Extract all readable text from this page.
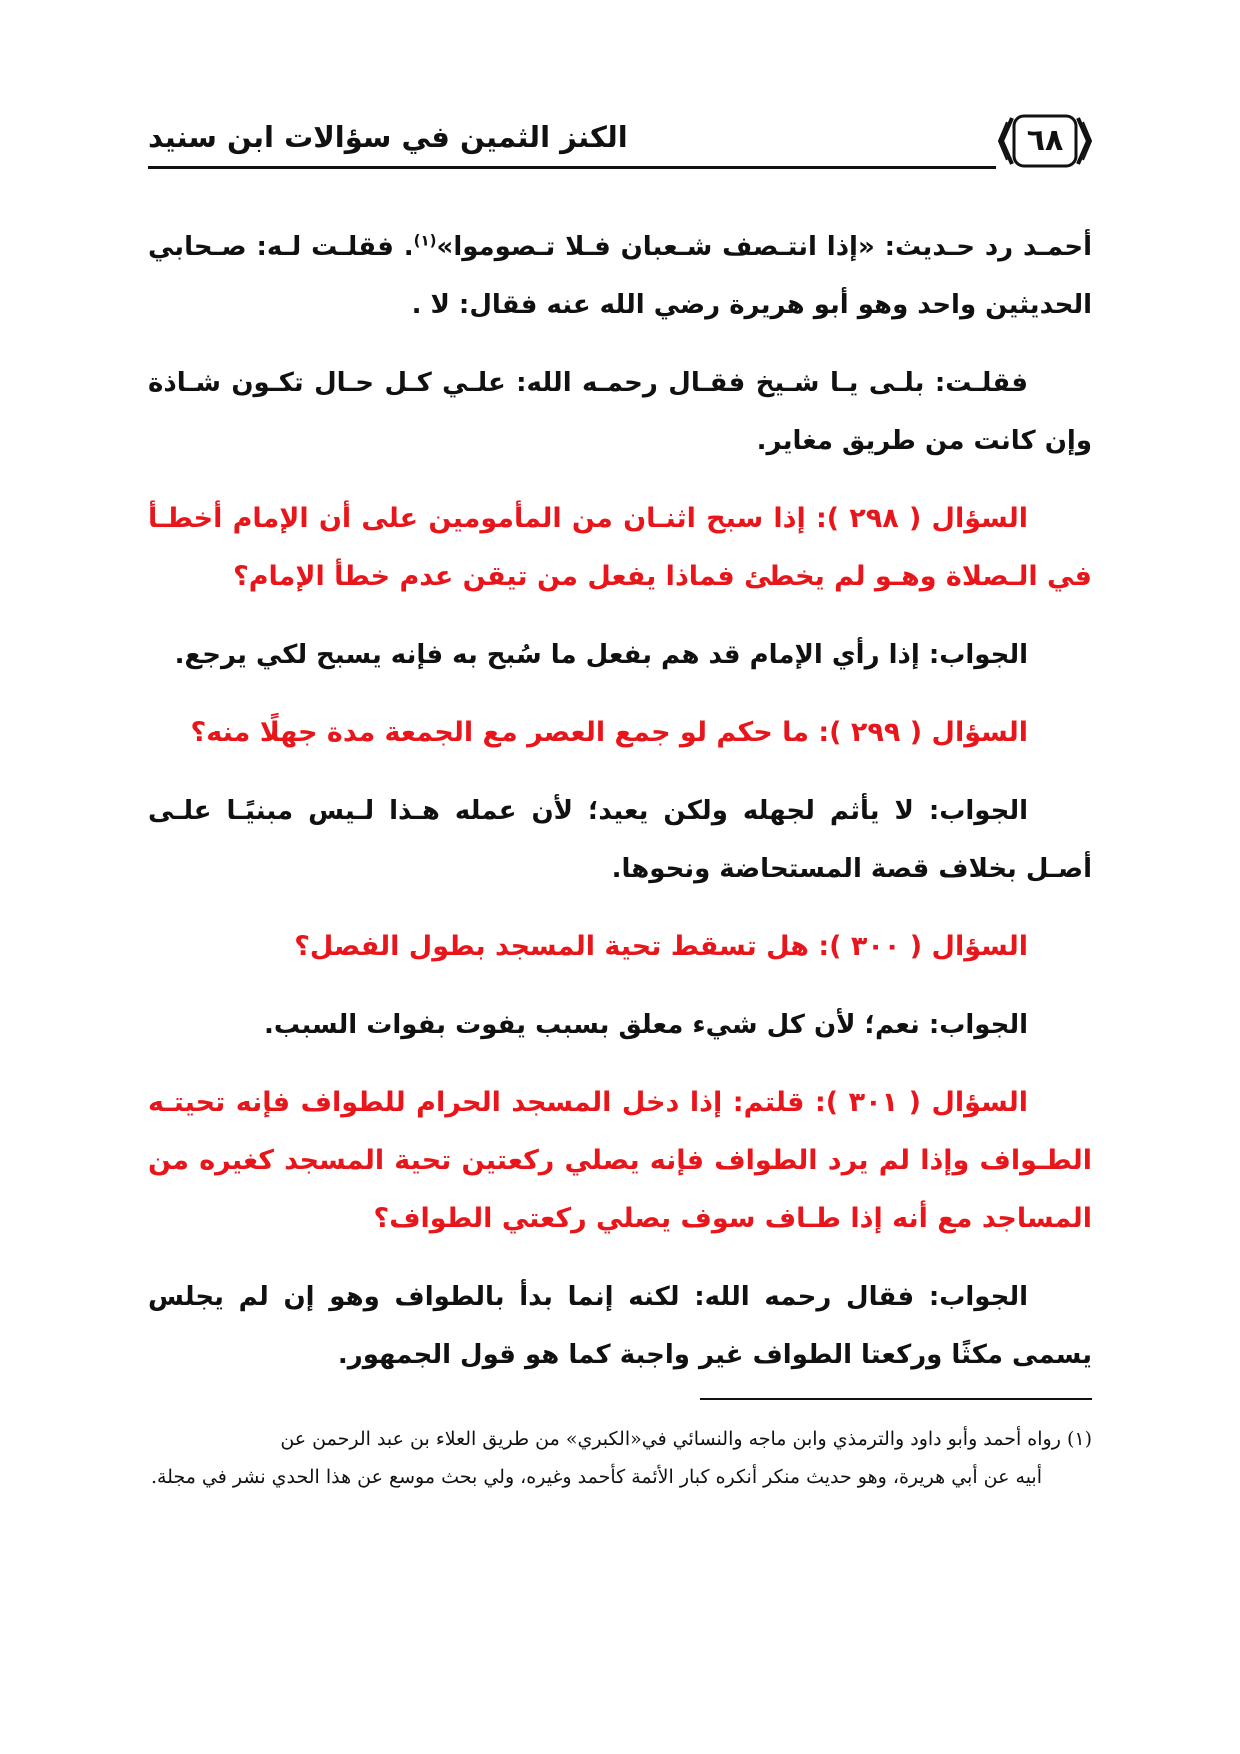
٦٨
الكنز الثمين في سؤالات ابن سنيد

أحمـد رد حـديث: «إذا انتـصف شـعبان فـلا تـصوموا»$^{(١)}$. فقلـت لـه: صـحابي الحديثين واحد وهو أبو هريرة رضي الله عنه فقال: لا .

فقلـت: بلـى يـا شـيخ فقـال رحمـه الله: علـي كـل حـال تكـون شـاذة وإن كانت من طريق مغاير.

السؤال ( ٢٩٨ ): إذا سبح اثنـان من المأمومين على أن الإمام أخطـأ في الـصلاة وهـو لم يخطئ فماذا يفعل من تيقن عدم خطأ الإمام؟

الجواب: إذا رأي الإمام قد هم بفعل ما سُبح به فإنه يسبح لكي يرجع.

السؤال ( ٢٩٩ ): ما حكم لو جمع العصر مع الجمعة مدة جهلًا منه؟

الجواب: لا يأثم لجهله ولكن يعيد؛ لأن عمله هـذا لـيس مبنيًـا علـى أصـل بخلاف قصة المستحاضة ونحوها.

السؤال ( ٣٠٠ ): هل تسقط تحية المسجد بطول الفصل؟

الجواب: نعم؛ لأن كل شيء معلق بسبب يفوت بفوات السبب.

السؤال ( ٣٠١ ): قلتم: إذا دخل المسجد الحرام للطواف فإنه تحيتـه الطـواف وإذا لم يرد الطواف فإنه يصلي ركعتين تحية المسجد كغيره من المساجد مع أنه إذا طـاف سوف يصلي ركعتي الطواف؟

الجواب: فقال رحمه الله: لكنه إنما بدأ بالطواف وهو إن لم يجلس يسمى مكثًا وركعتا الطواف غير واجبة كما هو قول الجمهور.

(١) رواه أحمد وأبو داود والترمذي وابن ماجه والنسائي في«الكبري» من طريق العلاء بن عبد الرحمن عن
أبيه عن أبي هريرة، وهو حديث منكر أنكره كبار الأئمة كأحمد وغيره، ولي بحث موسع عن هذا الحدي نشر في مجلة.
